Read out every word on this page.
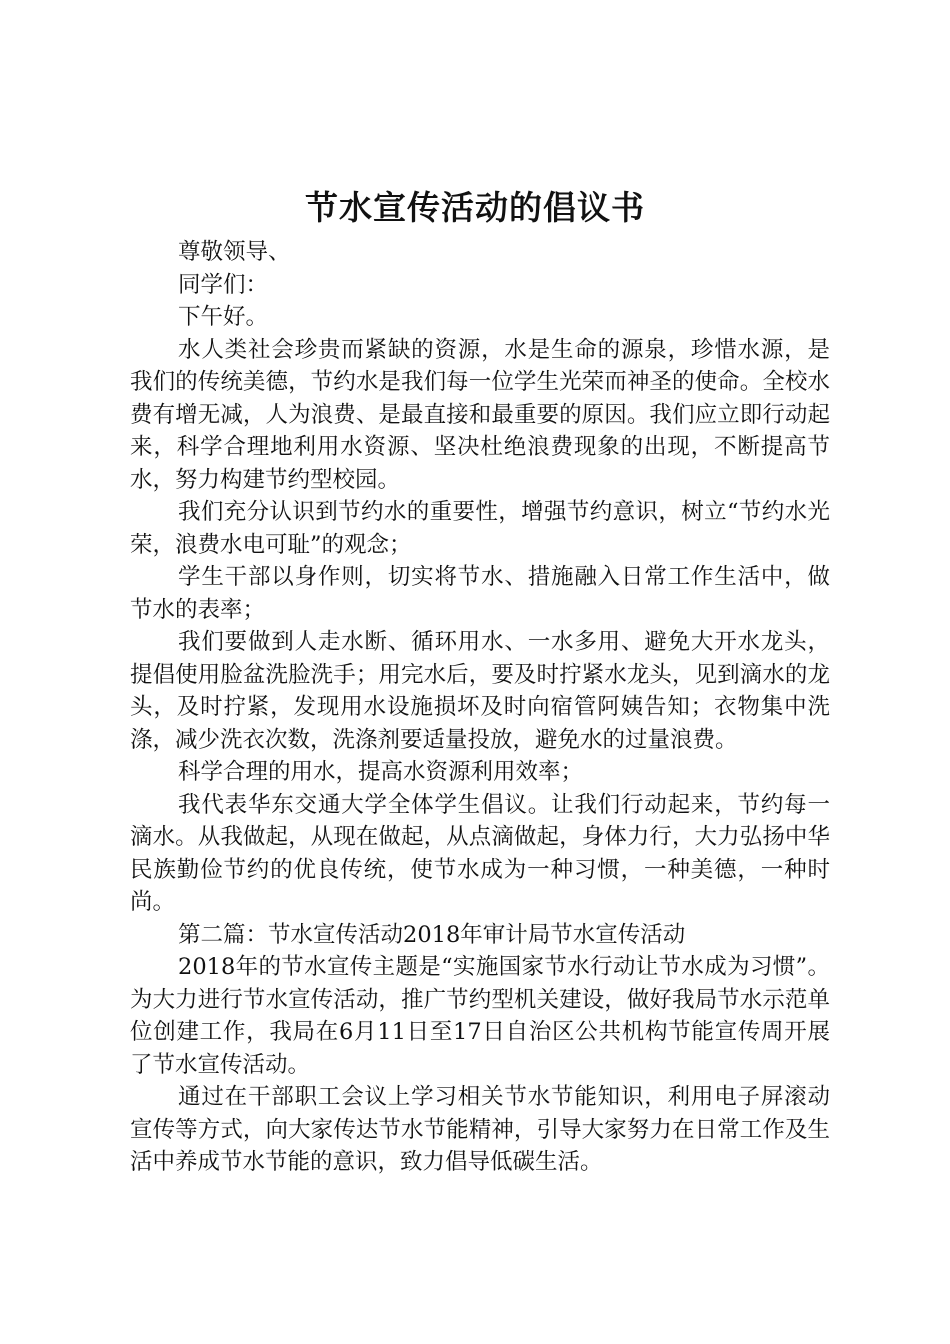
节水宣传活动的倡议书

尊敬领导、

同学们：

下午好。

水人类社会珍贵而紧缺的资源，水是生命的源泉，珍惜水源，是我们的传统美德，节约水是我们每一位学生光荣而神圣的使命。全校水费有增无减，人为浪费、是最直接和最重要的原因。我们应立即行动起来，科学合理地利用水资源、坚决杜绝浪费现象的出现，不断提高节水，努力构建节约型校园。

我们充分认识到节约水的重要性，增强节约意识，树立“节约水光荣，浪费水电可耻”的观念；

学生干部以身作则，切实将节水、措施融入日常工作生活中，做节水的表率；

我们要做到人走水断、循环用水、一水多用、避免大开水龙头，提倡使用脸盆洗脸洗手；用完水后，要及时拧紧水龙头，见到滴水的龙头，及时拧紧，发现用水设施损坏及时向宿管阿姨告知；衣物集中洗涤，减少洗衣次数，洗涤剂要适量投放，避免水的过量浪费。

科学合理的用水，提高水资源利用效率；

我代表华东交通大学全体学生倡议。让我们行动起来，节约每一滴水。从我做起，从现在做起，从点滴做起，身体力行，大力弘扬中华民族勤俭节约的优良传统，使节水成为一种习惯，一种美德，一种时尚。

第二篇：节水宣传活动2018年审计局节水宣传活动

2018年的节水宣传主题是“实施国家节水行动让节水成为习惯”。为大力进行节水宣传活动，推广节约型机关建设，做好我局节水示范单位创建工作，我局在6月11日至17日自治区公共机构节能宣传周开展了节水宣传活动。

通过在干部职工会议上学习相关节水节能知识，利用电子屏滚动宣传等方式，向大家传达节水节能精神，引导大家努力在日常工作及生活中养成节水节能的意识，致力倡导低碳生活。
